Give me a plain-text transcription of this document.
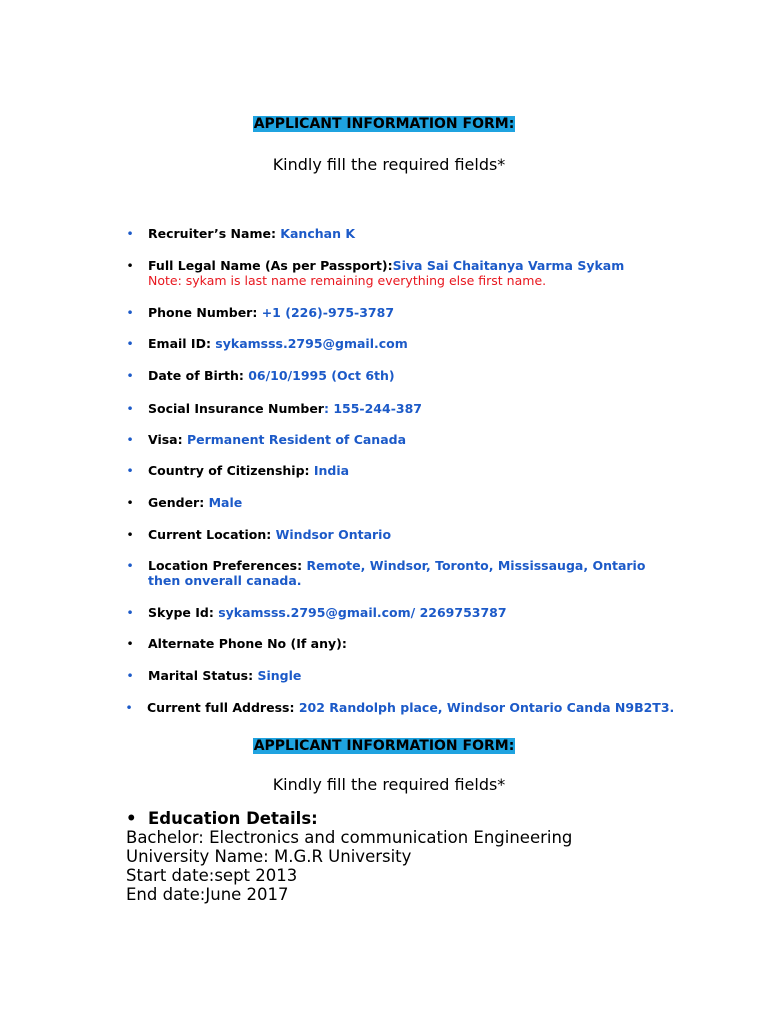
APPLICANT INFORMATION FORM:
Kindly fill the required fields*
• Recruiter’s Name: Kanchan K
• Full Legal Name (As per Passport):Siva Sai Chaitanya Varma Sykam
Note: sykam is last name remaining everything else first name.
• Phone Number: +1 (226)-975-3787
• Email ID: sykamsss.2795@gmail.com
• Date of Birth: 06/10/1995 (Oct 6th)
• Social Insurance Number: 155-244-387
• Visa: Permanent Resident of Canada
• Country of Citizenship: India
• Gender: Male
• Current Location: Windsor Ontario
• Location Preferences: Remote, Windsor, Toronto, Mississauga, Ontario then onverall canada.
• Skype Id: sykamsss.2795@gmail.com/ 2269753787
• Alternate Phone No (If any):
• Marital Status: Single
• Current full Address: 202 Randolph place, Windsor Ontario Canda N9B2T3.
APPLICANT INFORMATION FORM:
Kindly fill the required fields*
• Education Details:
Bachelor: Electronics and communication Engineering
University Name: M.G.R University
Start date:sept 2013
End date:June 2017
